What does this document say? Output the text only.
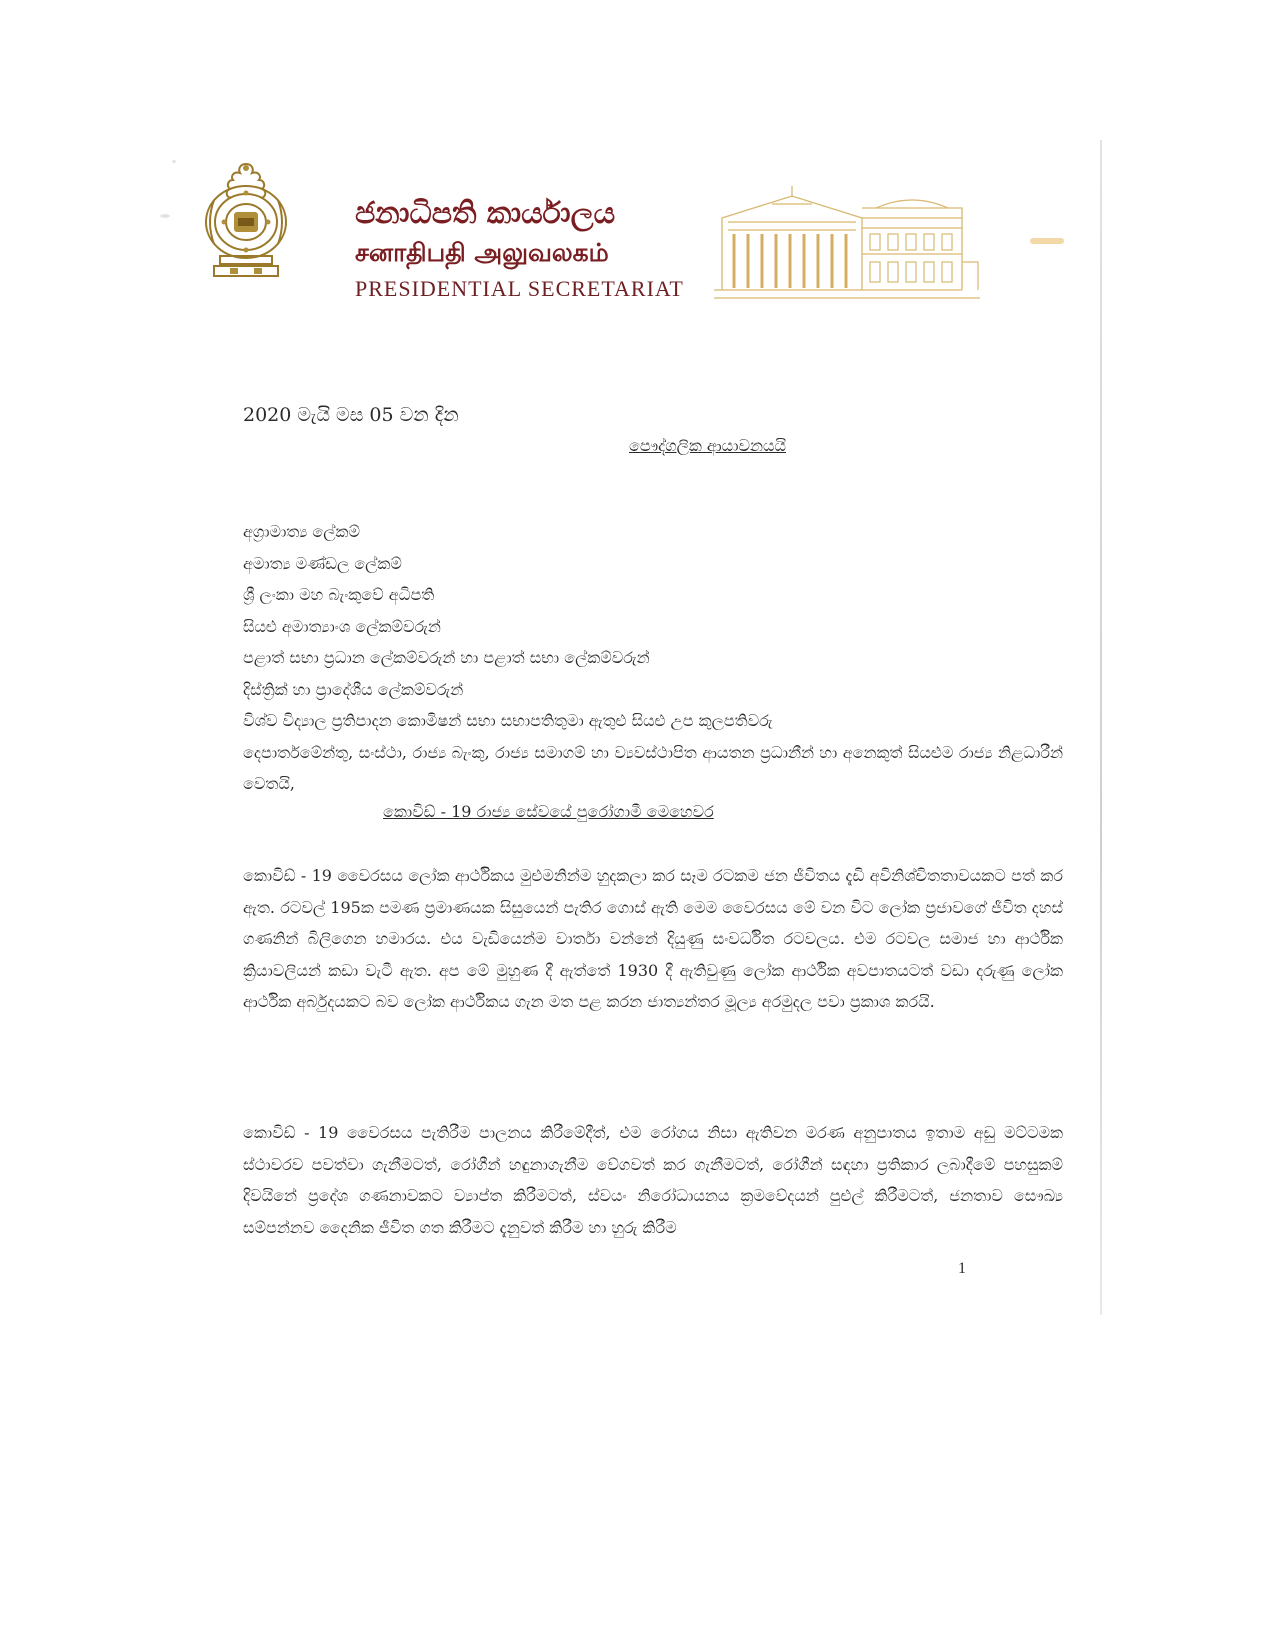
ජනාධිපති කාර්යාලය
சனாதிபதி அலுவலகம்
PRESIDENTIAL SECRETARIAT
2020 මැයි මස 05 වන දින
පෞද්ගලික ආයාවනයයි
අග්‍රාමාත්‍ය ලේකම්
අමාත්‍ය මණ්ඩල ලේකම්
ශ්‍රී ලංකා මහ බැංකුවේ අධිපති
සියළු අමාත්‍යාංශ ලේකම්වරුන්
පළාත් සභා ප්‍රධාන ලේකම්වරුන් හා පළාත් සභා ලේකම්වරුන්
දිස්ත්‍රික් හා ප්‍රාදේශීය ලේකම්වරුන්
විශ්ව විද්‍යාල ප්‍රතිපාදන කොමිෂන් සභා සභාපතිතුමා ඇතුළු සියළු උප කුලපතිවරු
දෙපාර්තමේන්තු, සංස්ථා, රාජ්‍ය බැංකු, රාජ්‍ය සමාගම් හා ව්‍යවස්ථාපිත ආයතන ප්‍රධානීන් හා අනෙකුත් සියළුම රාජ්‍ය නිළධාරීන් වෙතයි,
කොවිඩ් - 19 රාජ්‍ය සේවයේ පුරෝගාමී මෙහෙවර

කොවිඩ් - 19 වෛරසය ලෝක ආර්ථිකය මුළුමනින්ම හුදකලා කර සෑම රටකම ජන ජීවිතය දැඩි අවිනිශ්චිතතාවයකට පත් කර ඇත. රටවල් 195ක පමණ ප්‍රමාණයක සිසුයෙන් පැතිර ගොස් ඇති මෙම වෛරසය මේ වන විට ලෝක ප්‍රජාවගේ ජීවිත දහස් ගණනින් බිලිගෙන හමාරය. එය වැඩියෙන්ම වාර්තා වන්නේ දියුණු සංවර්ධිත රටවලය. එම රටවල සමාජ හා ආර්ථික ක්‍රියාවලියන් කඩා වැටී ඇත. අප මේ මුහුණ දී ඇත්තේ 1930 දී ඇතිවුණු ලෝක ආර්ථික අවපාතයටත් වඩා දරුණු ලෝක ආර්ථික අර්බුදයකට බව ලෝක ආර්ථිකය ගැන මත පළ කරන ජාත්‍යන්තර මූල්‍ය අරමුදල පවා ප්‍රකාශ කරයි.

කොවිඩ් - 19 වෛරසය පැතිරීම පාලනය කිරීමේදීත්, එම රෝගය නිසා ඇතිවන මරණ අනුපාතය ඉතාම අඩු මට්ටමක ස්ථාවරව පවත්වා ගැනීමටත්, රෝගීන් හඳුනාගැනීම වේගවත් කර ගැනීමටත්, රෝගීන් සඳහා ප්‍රතිකාර ලබාදීමේ පහසුකම් දිවයිනේ ප්‍රදේශ ගණනාවකට ව්‍යාප්ත කිරීමටත්, ස්වයං නිරෝධායනය ක්‍රමවේදයන් පුළුල් කිරීමටත්, ජනතාව සෞඛ්‍ය සම්පන්නව දෛනික ජීවිත ගත කිරීමට දැනුවත් කිරීම හා හුරු කිරීම

1
